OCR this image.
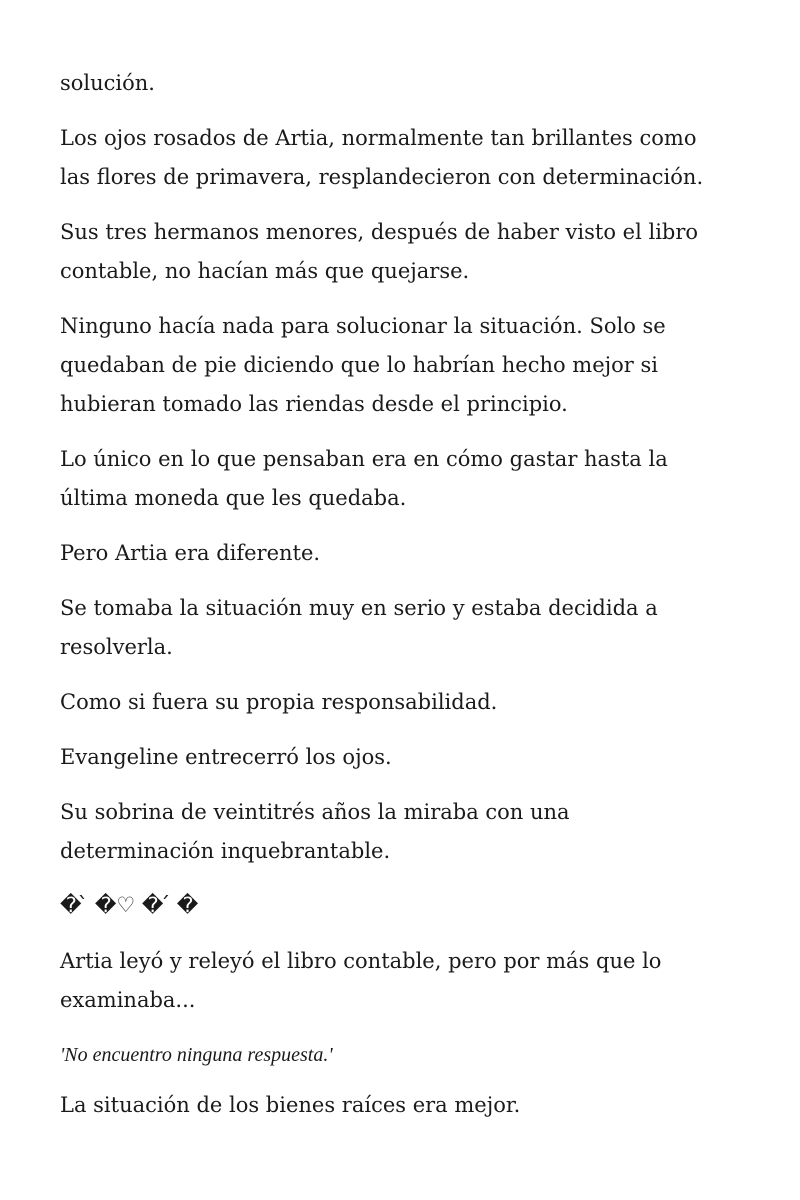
solución.

Los ojos rosados de Artia, normalmente tan brillantes como
las flores de primavera, resplandecieron con determinación.

Sus tres hermanos menores, después de haber visto el libro
contable, no hacían más que quejarse.

Ninguno hacía nada para solucionar la situación. Solo se
quedaban de pie diciendo que lo habrían hecho mejor si
hubieran tomado las riendas desde el principio.

Lo único en lo que pensaban era en cómo gastar hasta la
última moneda que les quedaba.

Pero Artia era diferente.

Se tomaba la situación muy en serio y estaba decidida a
resolverla.

Como si fuera su propia responsabilidad.

Evangeline entrecerró los ojos.

Su sobrina de veintitrés años la miraba con una
determinación inquebrantable.

� ̀ �♡ � ́ �

Artia leyó y releyó el libro contable, pero por más que lo
examinaba...

'No encuentro ninguna respuesta.'

La situación de los bienes raíces era mejor.
